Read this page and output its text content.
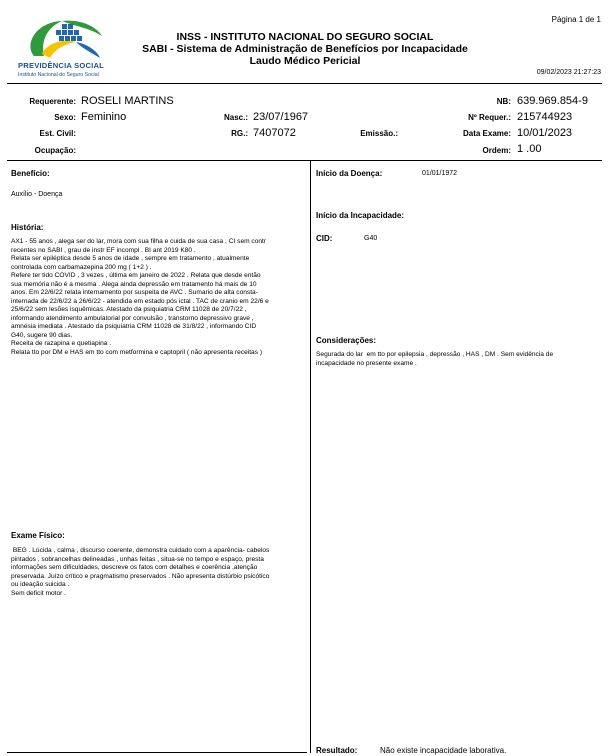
Página 1 de 1
PREVIDÊNCIA SOCIAL
Instituto Nacional do Seguro Social
INSS - INSTITUTO NACIONAL DO SEGURO SOCIAL
SABI - Sistema de Administração de Benefícios por Incapacidade
Laudo Médico Pericial
09/02/2023 21:27:23
Requerente: ROSELI MARTINS
Sexo: Feminino	Nasc.: 23/07/1967
Est. Civil:	RG.: 7407072	Emissão.:
Ocupação:
NB: 639.969.854-9
Nº Requer.: 215744923
Data Exame: 10/01/2023
Ordem: 1 .00
Benefício:
Auxílio - Doença
História:
AX1 - 55 anos , alega ser do lar, mora com sua filha e cuida de sua casa , CI sem contr
recentes no SABI , grau de instr EF incompl . BI ant 2019 K80 .
Relata ser epiléptica desde 5 anos de idade , sempre em tratamento , atualmente
controlada com carbamazepina 200 mg ( 1+2 ) .
Refere ter tido COVID , 3 vezes , última em janeiro de 2022 . Relata que desde então
sua memória não é a mesma . Alega ainda depressão em tratamento há mais de 10
anos. Em 22/6/22 relata internamento por suspeita de AVC . Sumario de alta consta-
internada de 22/6/22 a 26/6/22 - atendida em estado pós ictal . TAC de cranio em 22/6 e
25/6/22 sem lesões isquêmicas. Atestado da psiquiatria CRM 11028 de 20/7/22 ,
informando atendimento ambulatorial por convulsão , transtorno depressivo grave ,
amnésia imediata . Atestado da psiquiatria CRM 11028 de 31/8/22 , informando CID
G40, sugere 90 dias.
Receita de razapina e quetiapina .
Relata tto por DM e HAS em tto com metformina e captopril ( não apresenta receitas )
Exame Físico:
BEG . Lúcida , calma , discurso coerente, demonstra cuidado com a aparência- cabelos
pintados , sobrancelhas delineadas , unhas feitas , situa-se no tempo e espaço, presta
informações sem dificuldades, descreve os fatos com detalhes e coerência ,atenção
preservada. Juízo crítico e pragmatismo preservados . Não apresenta distúrbio psicótico
ou ideação suicida .
Sem deficit motor .
Início da Doença:	01/01/1972
Início da Incapacidade:
CID:	G40
Considerações:
Segurada do lar  em tto por epilepsia , depressão , HAS , DM . Sem evidência de
incapacidade no presente exame .
Resultado:	Não existe incapacidade laborativa.
